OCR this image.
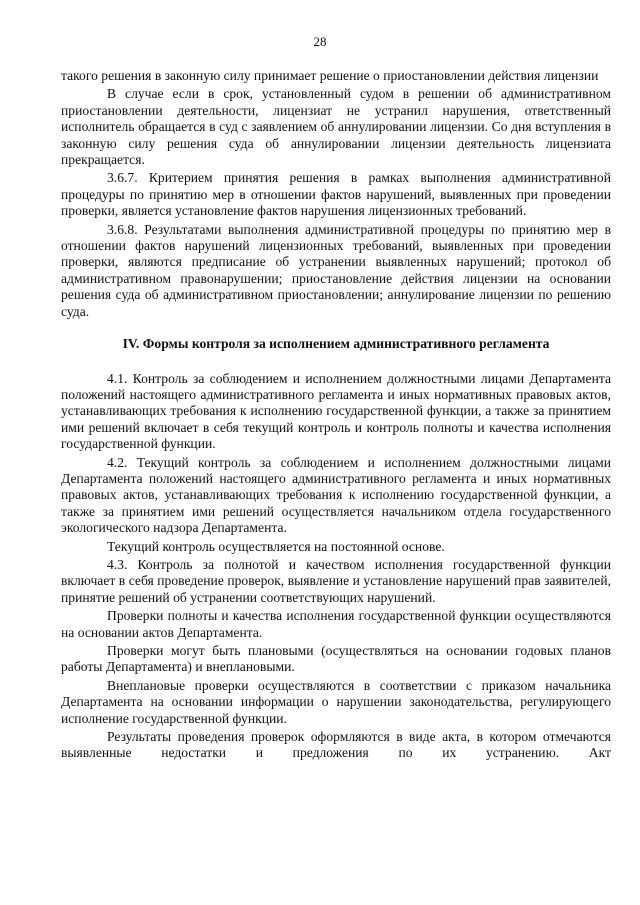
28

такого решения в законную силу принимает решение о приостановлении действия лицензии

В случае если в срок, установленный судом в решении об административном приостановлении деятельности, лицензиат не устранил нарушения, ответственный исполнитель обращается в суд с заявлением об аннулировании лицензии. Со дня вступления в законную силу решения суда об аннулировании лицензии деятельность лицензиата прекращается.

3.6.7. Критерием принятия решения в рамках выполнения административной процедуры по принятию мер в отношении фактов нарушений, выявленных при проведении проверки, является установление фактов нарушения лицензионных требований.

3.6.8. Результатами выполнения административной процедуры по принятию мер в отношении фактов нарушений лицензионных требований, выявленных при проведении проверки, являются предписание об устранении выявленных нарушений; протокол об административном правонарушении; приостановление действия лицензии на основании решения суда об административном приостановлении; аннулирование лицензии по решению суда.

IV. Формы контроля за исполнением административного регламента

4.1. Контроль за соблюдением и исполнением должностными лицами Департамента положений настоящего административного регламента и иных нормативных правовых актов, устанавливающих требования к исполнению государственной функции, а также за принятием ими решений включает в себя текущий контроль и контроль полноты и качества исполнения государственной функции.

4.2. Текущий контроль за соблюдением и исполнением должностными лицами Департамента положений настоящего административного регламента и иных нормативных правовых актов, устанавливающих требования к исполнению государственной функции, а также за принятием ими решений осуществляется начальником отдела государственного экологического надзора Департамента.

Текущий контроль осуществляется на постоянной основе.

4.3. Контроль за полнотой и качеством исполнения государственной функции включает в себя проведение проверок, выявление и установление нарушений прав заявителей, принятие решений об устранении соответствующих нарушений.

Проверки полноты и качества исполнения государственной функции осуществляются на основании актов Департамента.

Проверки могут быть плановыми (осуществляться на основании годовых планов работы Департамента) и внеплановыми.

Внеплановые проверки осуществляются в соответствии с приказом начальника Департамента на основании информации о нарушении законодательства, регулирующего исполнение государственной функции.

Результаты проведения проверок оформляются в виде акта, в котором отмечаются выявленные недостатки и предложения по их устранению. Акт
